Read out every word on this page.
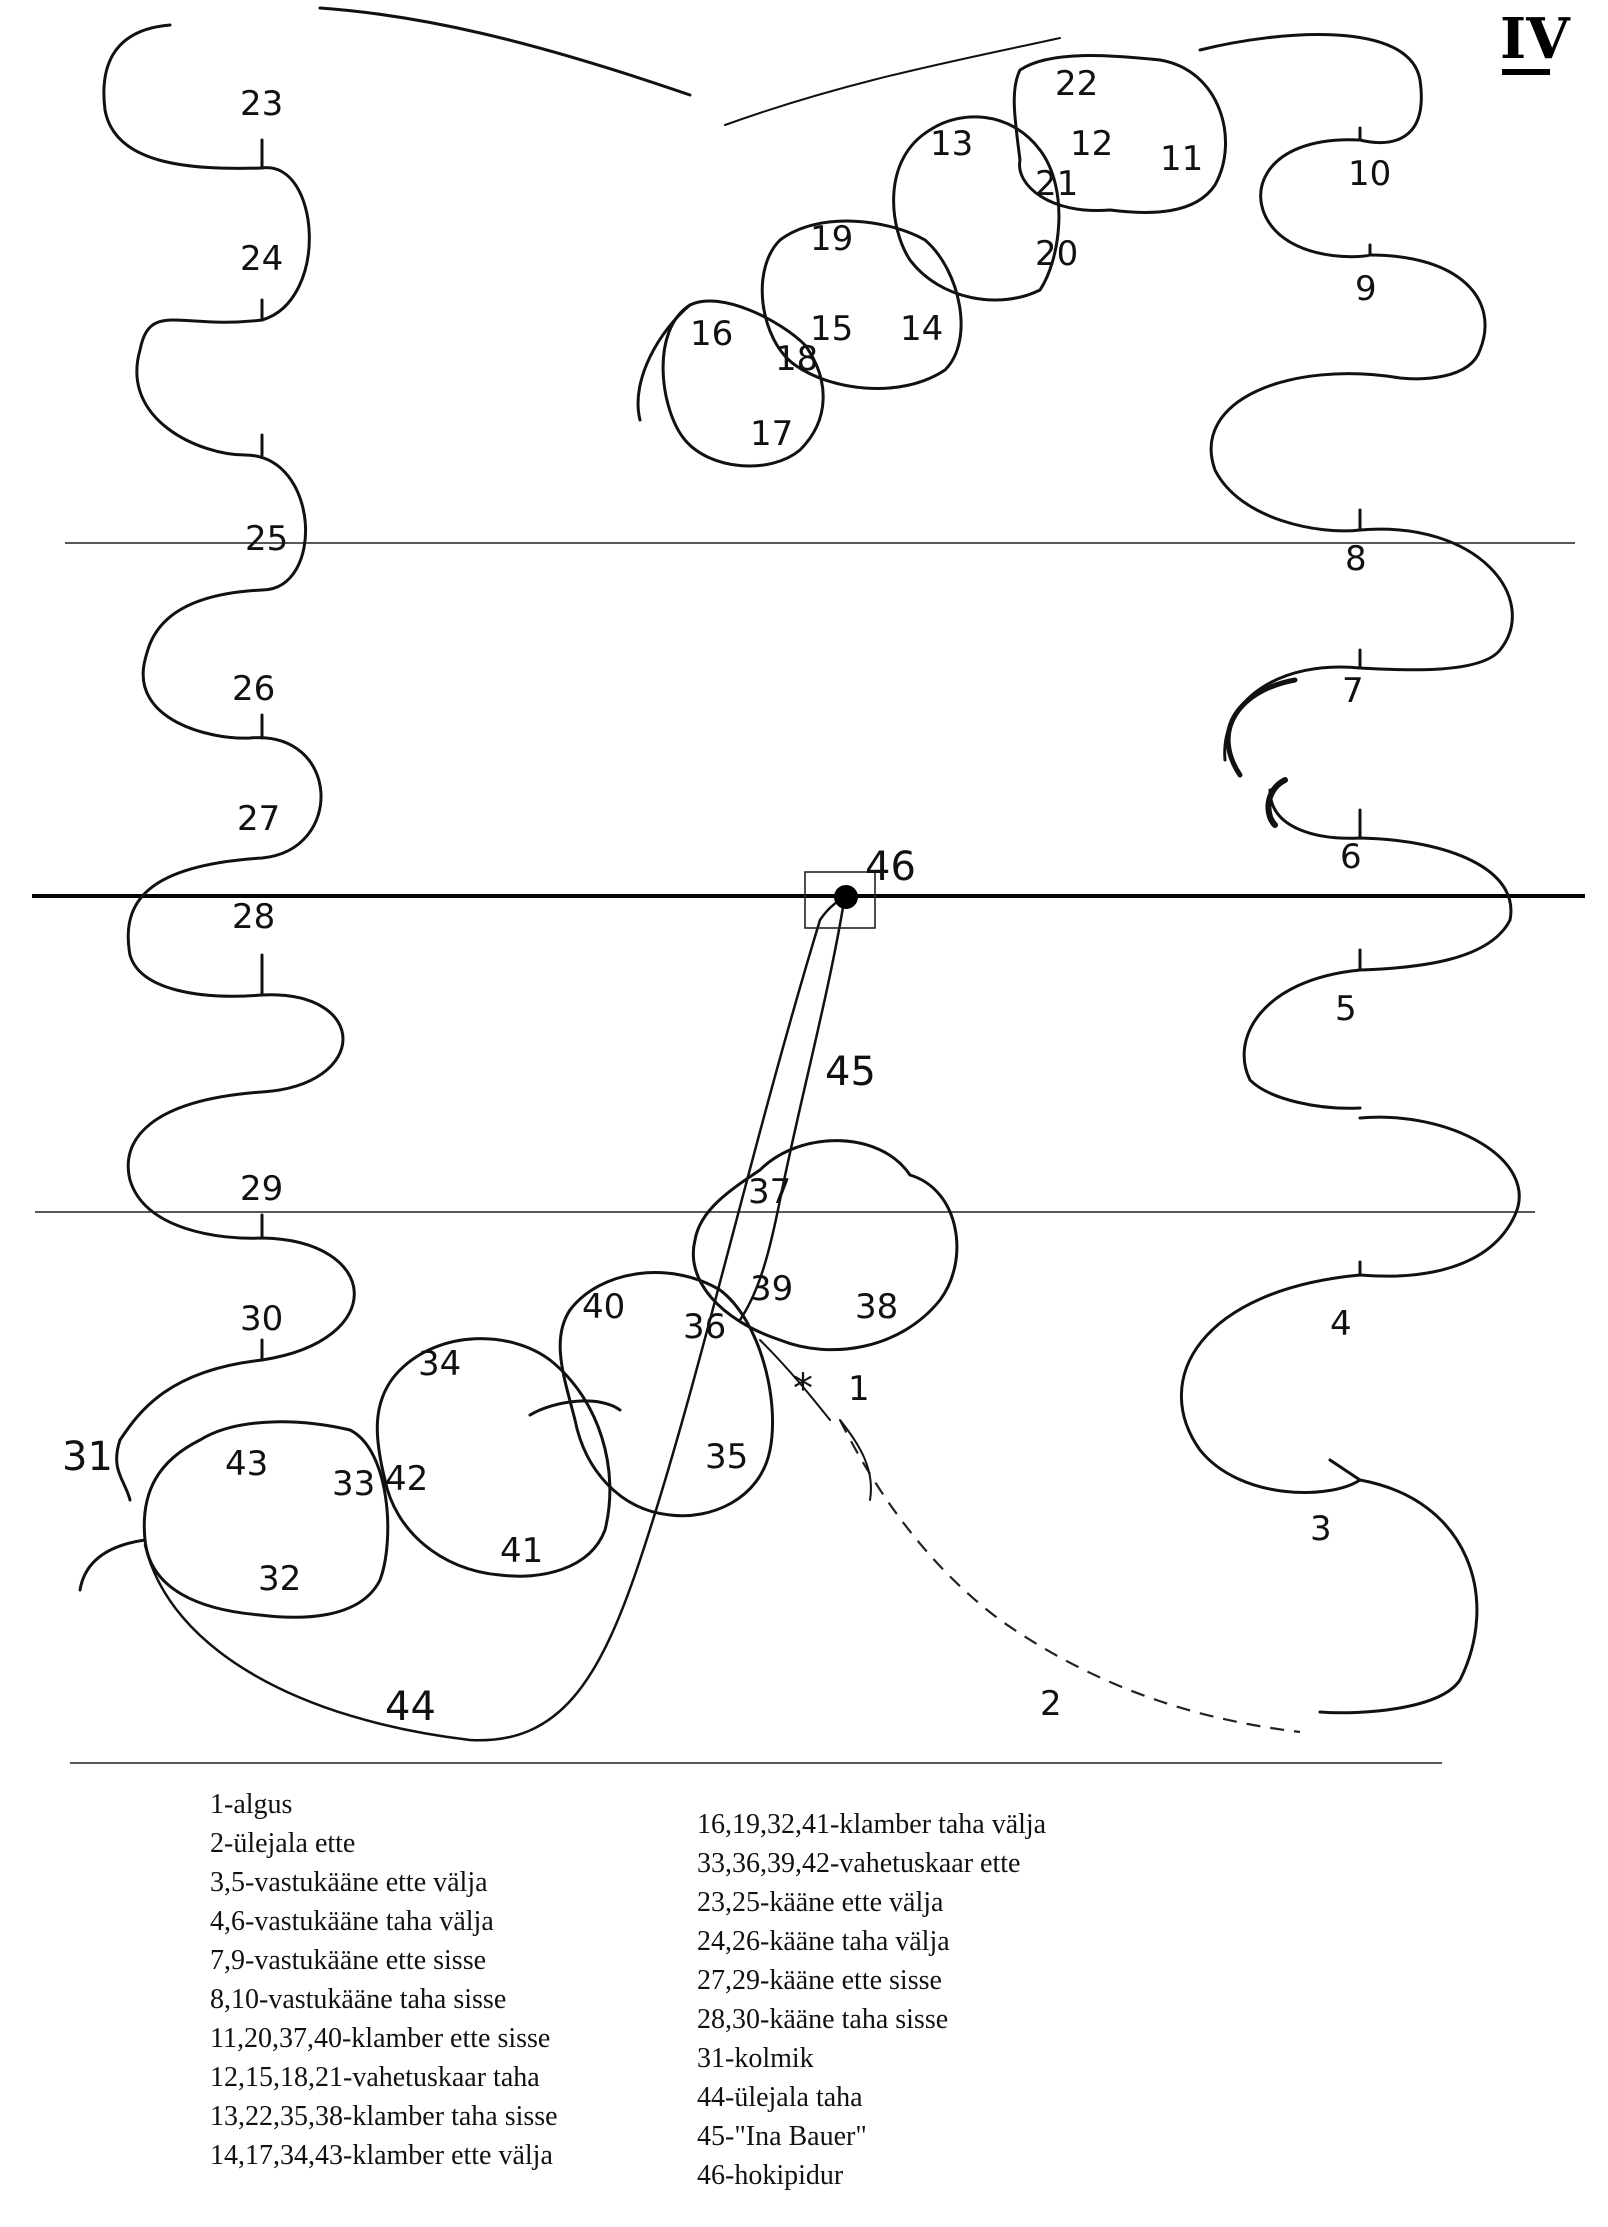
*
IV
1
2
3
4
5
6
7
8
9
10
11
12
13
14
15
16
17
18
19	20
21
22
23
24
25
26
27
28
29
30
31
32
33
34
35
36
37
38
39
40
41
42
43
44
45
46
1-algus
2-ülejala ette
3,5-vastukääne ette välja
4,6-vastukääne taha välja
7,9-vastukääne ette sisse
8,10-vastukääne taha sisse
11,20,37,40-klamber ette sisse
12,15,18,21-vahetuskaar taha
13,22,35,38-klamber taha sisse
14,17,34,43-klamber ette välja
16,19,32,41-klamber taha välja
33,36,39,42-vahetuskaar ette
23,25-kääne ette välja
24,26-kääne taha välja
27,29-kääne ette sisse
28,30-kääne taha sisse
31-kolmik
44-ülejala taha
45-"Ina Bauer"
46-hokipidur
